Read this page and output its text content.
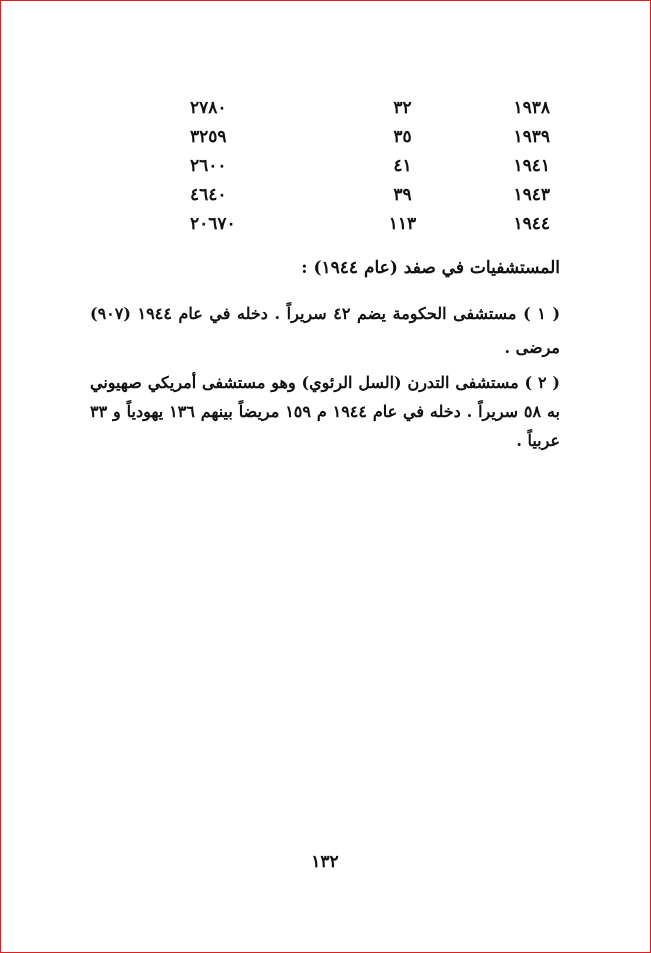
١٩٣٨
٣٢
٢٧٨٠
١٩٣٩
٣٥
٣٢٥٩
١٩٤١
٤١
٢٦٠٠
١٩٤٣
٣٩
٤٦٤٠
١٩٤٤
١١٣
٢٠٦٧٠
المستشفيات في صفد (عام ١٩٤٤) :
( ١ ) مستشفى الحكومة يضم ٤٢ سريراً . دخله في عام ١٩٤٤ (٩٠٧) مرضى .
( ٢ ) مستشفى التدرن (السل الرئوي) وهو مستشفى أمريكي صهيوني به ٥٨ سريراً . دخله في عام ١٩٤٤ م ١٥٩ مريضاً بينهم ١٣٦ يهودياً و ٣٣ عربياً .
١٣٢
